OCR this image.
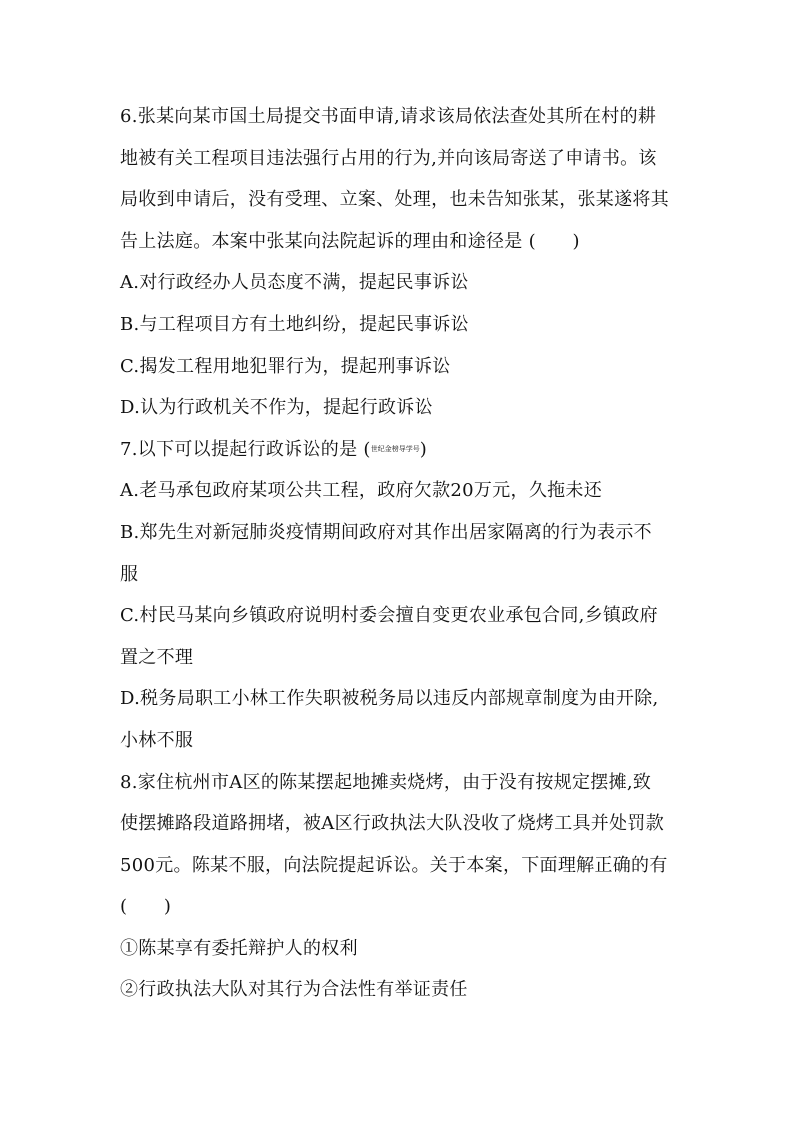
6.张某向某市国土局提交书面申请,请求该局依法查处其所在村的耕
地被有关工程项目违法强行占用的行为,并向该局寄送了申请书。该
局收到申请后，没有受理、立案、处理，也未告知张某，张某遂将其
告上法庭。本案中张某向法院起诉的理由和途径是 (　　)
A.对行政经办人员态度不满，提起民事诉讼
B.与工程项目方有土地纠纷，提起民事诉讼
C.揭发工程用地犯罪行为，提起刑事诉讼
D.认为行政机关不作为，提起行政诉讼
7.以下可以提起行政诉讼的是 (世纪金榜导学号)
A.老马承包政府某项公共工程，政府欠款20万元，久拖未还
B.郑先生对新冠肺炎疫情期间政府对其作出居家隔离的行为表示不
服
C.村民马某向乡镇政府说明村委会擅自变更农业承包合同,乡镇政府
置之不理
D.税务局职工小林工作失职被税务局以违反内部规章制度为由开除,
小林不服
8.家住杭州市A区的陈某摆起地摊卖烧烤，由于没有按规定摆摊,致
使摆摊路段道路拥堵，被A区行政执法大队没收了烧烤工具并处罚款
500元。陈某不服，向法院提起诉讼。关于本案，下面理解正确的有
(　　)
①陈某享有委托辩护人的权利
②行政执法大队对其行为合法性有举证责任
